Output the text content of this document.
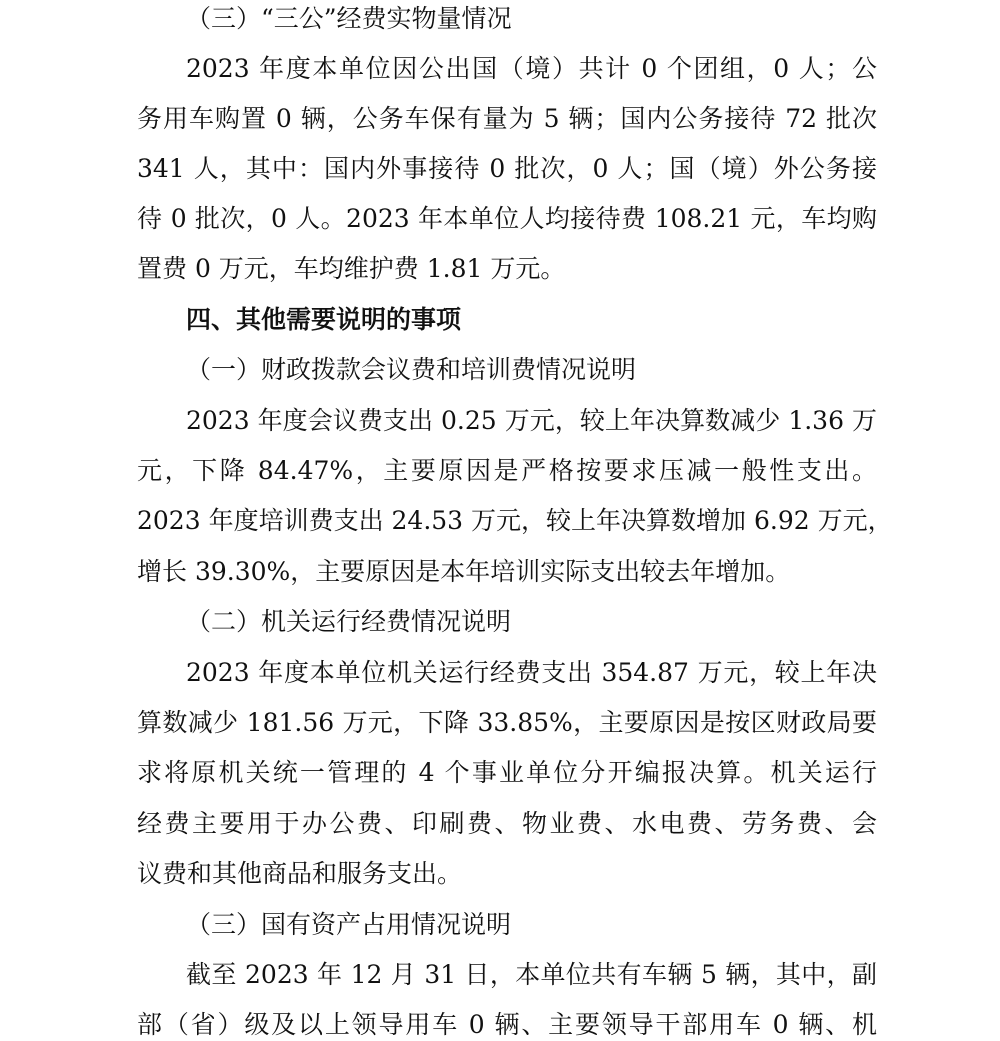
（三）“三公”经费实物量情况
2023 年度本单位因公出国（境）共计 0 个团组，0 人；公
务用车购置 0 辆，公务车保有量为 5 辆；国内公务接待 72 批次
341 人，其中：国内外事接待 0 批次，0 人；国（境）外公务接
待 0 批次，0 人。2023 年本单位人均接待费 108.21 元，车均购
置费 0 万元，车均维护费 1.81 万元。
四、其他需要说明的事项
（一）财政拨款会议费和培训费情况说明
2023 年度会议费支出 0.25 万元，较上年决算数减少 1.36 万
元，下降 84.47%，主要原因是严格按要求压减一般性支出。
2023 年度培训费支出 24.53 万元，较上年决算数增加 6.92 万元，
增长 39.30%，主要原因是本年培训实际支出较去年增加。
（二）机关运行经费情况说明
2023 年度本单位机关运行经费支出 354.87 万元，较上年决
算数减少 181.56 万元，下降 33.85%，主要原因是按区财政局要
求将原机关统一管理的 4 个事业单位分开编报决算。机关运行
经费主要用于办公费、印刷费、物业费、水电费、劳务费、会
议费和其他商品和服务支出。
（三）国有资产占用情况说明
截至 2023 年 12 月 31 日，本单位共有车辆 5 辆，其中，副
部（省）级及以上领导用车 0 辆、主要领导干部用车 0 辆、机
